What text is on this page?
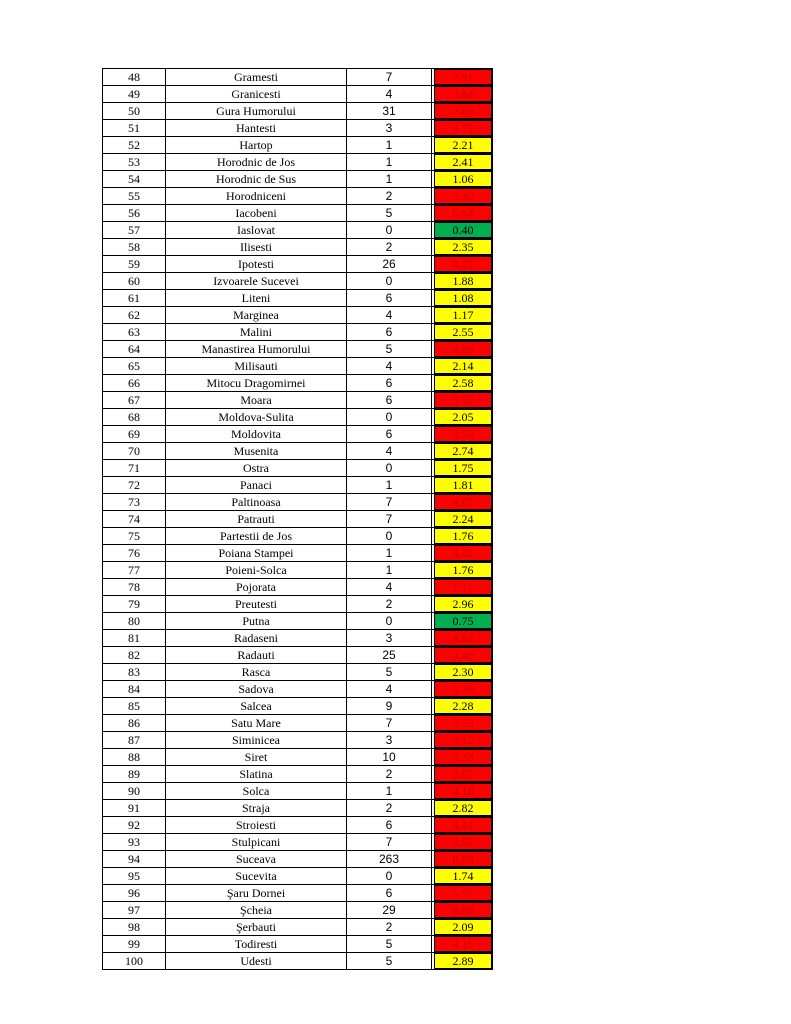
48	Gramesti	7	7.91

49	Granicesti	4	3.84

50	Gura Humorului	31	7.60

51	Hantesti	3	4.72

52	Hartop	1	2.21

53	Horodnic de Jos	1	2.41

54	Horodnic de Sus	1	1.06

55	Horodniceni	2	3.40

56	Iacobeni	5	6.64

57	Iaslovat	0	0.40

58	Ilisesti	2	2.35

59	Ipotesti	26	8.27

60	Izvoarele Sucevei	0	1.88

61	Liteni	6	1.08

62	Marginea	4	1.17

63	Malini	6	2.55

64	Manastirea Humorului	5	4.99

65	Milisauti	4	2.14

66	Mitocu Dragomirnei	6	2.58

67	Moara	6	5.50

68	Moldova-Sulita	0	2.05

69	Moldovita	6	3.50

70	Musenita	4	2.74

71	Ostra	0	1.75

72	Panaci	1	1.81

73	Paltinoasa	7	4.07

74	Patrauti	7	2.24

75	Partestii de Jos	0	1.76

76	Poiana Stampei	1	4.42

77	Poieni-Solca	1	1.76

78	Pojorata	4	7.11

79	Preutesti	2	2.96

80	Putna	0	0.75

81	Radaseni	3	4.93

82	Radauti	25	4.49

83	Rasca	5	2.30

84	Sadova	4	5.39

85	Salcea	9	2.28

86	Satu Mare	7	3.53

87	Siminicea	3	4.12

88	Siret	10	5.33

89	Slatina	2	3.67

90	Solca	1	4.18

91	Straja	2	2.82

92	Stroiesti	6	4.41

93	Stulpicani	7	3.67

94	Suceava	263	8.09

95	Sucevita	0	1.74

96	Şaru Dornei	6	5.97

97	Şcheia	29	8.08

98	Şerbauti	2	2.09

99	Todiresti	5	4.15

100	Udesti	5	2.89
